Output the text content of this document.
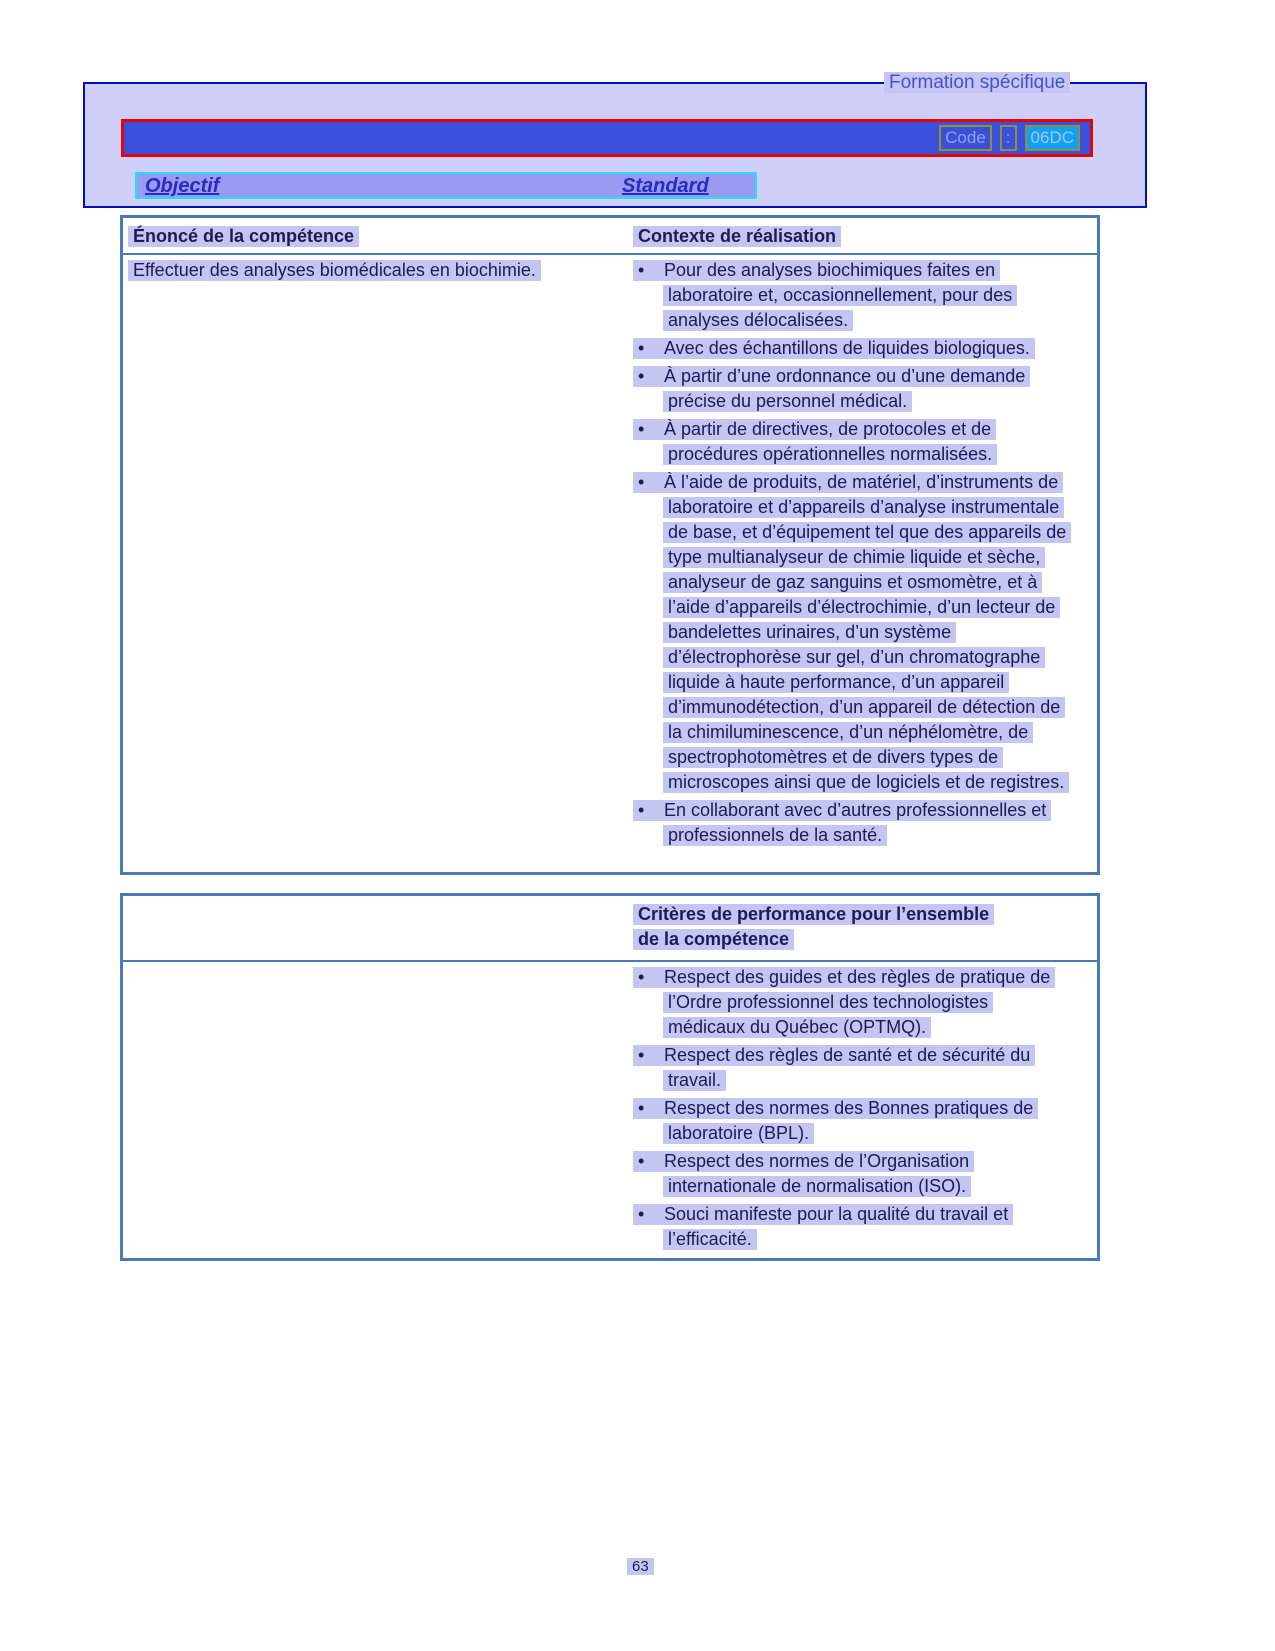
Formation spécifique
Code	:	06DC
Objectif	Standard
Énoncé de la compétence	Contexte de réalisation
Effectuer des analyses biomédicales en biochimie.	• Pour des analyses biochimiques faites en
laboratoire et, occasionnellement, pour des
analyses délocalisées.
• Avec des échantillons de liquides biologiques.
• À partir d’une ordonnance ou d’une demande
précise du personnel médical.
• À partir de directives, de protocoles et de
procédures opérationnelles normalisées.
• À l’aide de produits, de matériel, d’instruments de
laboratoire et d’appareils d’analyse instrumentale
de base, et d’équipement tel que des appareils de
type multianalyseur de chimie liquide et sèche,
analyseur de gaz sanguins et osmomètre, et à
l’aide d’appareils d’électrochimie, d’un lecteur de
bandelettes urinaires, d’un système
d’électrophorèse sur gel, d’un chromatographe
liquide à haute performance, d’un appareil
d’immunodétection, d’un appareil de détection de
la chimiluminescence, d’un néphélomètre, de
spectrophotomètres et de divers types de
microscopes ainsi que de logiciels et de registres.
• En collaborant avec d’autres professionnelles et
professionnels de la santé.
Critères de performance pour l’ensemble
de la compétence
• Respect des guides et des règles de pratique de
l’Ordre professionnel des technologistes
médicaux du Québec (OPTMQ).
• Respect des règles de santé et de sécurité du
travail.
• Respect des normes des Bonnes pratiques de
laboratoire (BPL).
• Respect des normes de l’Organisation
internationale de normalisation (ISO).
• Souci manifeste pour la qualité du travail et
l’efficacité.
63
